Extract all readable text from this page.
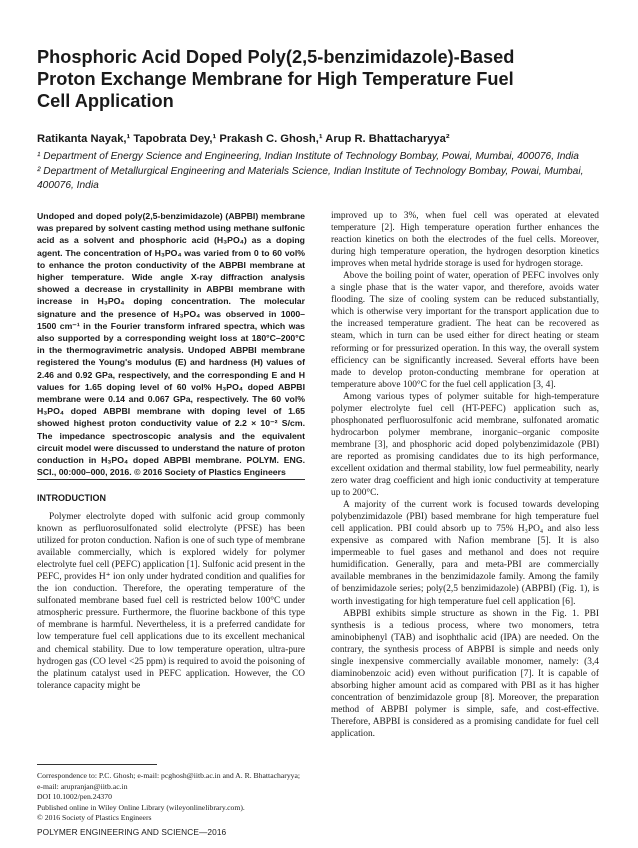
Phosphoric Acid Doped Poly(2,5-benzimidazole)-Based
Proton Exchange Membrane for High Temperature Fuel
Cell Application

Ratikanta Nayak,¹ Tapobrata Dey,¹ Prakash C. Ghosh,¹ Arup R. Bhattacharyya²

¹ Department of Energy Science and Engineering, Indian Institute of Technology Bombay, Powai, Mumbai, 400076, India
² Department of Metallurgical Engineering and Materials Science, Indian Institute of Technology Bombay, Powai, Mumbai, 400076, India

Undoped and doped poly(2,5-benzimidazole) (ABPBI) membrane was prepared by solvent casting method using methane sulfonic acid as a solvent and phosphoric acid (H₃PO₄) as a doping agent. The concentration of H₃PO₄ was varied from 0 to 60 vol% to enhance the proton conductivity of the ABPBI membrane at higher temperature. Wide angle X-ray diffraction analysis showed a decrease in crystallinity in ABPBI membrane with increase in H₃PO₄ doping concentration. The molecular signature and the presence of H₃PO₄ was observed in 1000–1500 cm⁻¹ in the Fourier transform infrared spectra, which was also supported by a corresponding weight loss at 180°C–200°C in the thermogravimetric analysis. Undoped ABPBI membrane registered the Young's modulus (E) and hardness (H) values of 2.46 and 0.92 GPa, respectively, and the corresponding E and H values for 1.65 doping level of 60 vol% H₃PO₄ doped ABPBI membrane were 0.14 and 0.067 GPa, respectively. The 60 vol% H₃PO₄ doped ABPBI membrane with doping level of 1.65 showed highest proton conductivity value of 2.2 × 10⁻² S/cm. The impedance spectroscopic analysis and the equivalent circuit model were discussed to understand the nature of proton conduction in H₃PO₄ doped ABPBI membrane. POLYM. ENG. SCI., 00:000–000, 2016. © 2016 Society of Plastics Engineers

INTRODUCTION

Polymer electrolyte doped with sulfonic acid group commonly known as perfluorosulfonated solid electrolyte (PFSE) has been utilized for proton conduction. Nafion is one of such type of membrane available commercially, which is explored widely for polymer electrolyte fuel cell (PEFC) application [1]. Sulfonic acid present in the PEFC, provides H⁺ ion only under hydrated condition and qualifies for the ion conduction. Therefore, the operating temperature of the sulfonated membrane based fuel cell is restricted below 100°C under atmospheric pressure. Furthermore, the fluorine backbone of this type of membrane is harmful. Nevertheless, it is a preferred candidate for low temperature fuel cell applications due to its excellent mechanical and chemical stability. Due to low temperature operation, ultra-pure hydrogen gas (CO level <25 ppm) is required to avoid the poisoning of the platinum catalyst used in PEFC application. However, the CO tolerance capacity might be

improved up to 3%, when fuel cell was operated at elevated temperature [2]. High temperature operation further enhances the reaction kinetics on both the electrodes of the fuel cells. Moreover, during high temperature operation, the hydrogen desorption kinetics improves when metal hydride storage is used for hydrogen storage.

Above the boiling point of water, operation of PEFC involves only a single phase that is the water vapor, and therefore, avoids water flooding. The size of cooling system can be reduced substantially, which is otherwise very important for the transport application due to the increased temperature gradient. The heat can be recovered as steam, which in turn can be used either for direct heating or steam reforming or for pressurized operation. In this way, the overall system efficiency can be significantly increased. Several efforts have been made to develop proton-conducting membrane for operation at temperature above 100°C for the fuel cell application [3, 4].

Among various types of polymer suitable for high-temperature polymer electrolyte fuel cell (HT-PEFC) application such as, phosphonated perfluorosulfonic acid membrane, sulfonated aromatic hydrocarbon polymer membrane, inorganic–organic composite membrane [3], and phosphoric acid doped polybenzimidazole (PBI) are reported as promising candidates due to its high performance, excellent oxidation and thermal stability, low fuel permeability, nearly zero water drag coefficient and high ionic conductivity at temperature up to 200°C.

A majority of the current work is focused towards developing polybenzimidazole (PBI) based membrane for high temperature fuel cell application. PBI could absorb up to 75% H₃PO₄ and also less expensive as compared with Nafion membrane [5]. It is also impermeable to fuel gases and methanol and does not require humidification. Generally, para and meta-PBI are commercially available membranes in the benzimidazole family. Among the family of benzimidazole series; poly(2,5 benzimidazole) (ABPBI) (Fig. 1), is worth investigating for high temperature fuel cell application [6].

ABPBI exhibits simple structure as shown in the Fig. 1. PBI synthesis is a tedious process, where two monomers, tetra aminobiphenyl (TAB) and isophthalic acid (IPA) are needed. On the contrary, the synthesis process of ABPBI is simple and needs only single inexpensive commercially available monomer, namely: (3,4 diaminobenzoic acid) even without purification [7]. It is capable of absorbing higher amount acid as compared with PBI as it has higher concentration of benzimidazole group [8]. Moreover, the preparation method of ABPBI polymer is simple, safe, and cost-effective. Therefore, ABPBI is considered as a promising candidate for fuel cell application.

Correspondence to: P.C. Ghosh; e-mail: pcghosh@iitb.ac.in and A. R. Bhattacharyya; e-mail: arupranjan@iitb.ac.in
DOI 10.1002/pen.24370
Published online in Wiley Online Library (wileyonlinelibrary.com).
© 2016 Society of Plastics Engineers
POLYMER ENGINEERING AND SCIENCE—2016
